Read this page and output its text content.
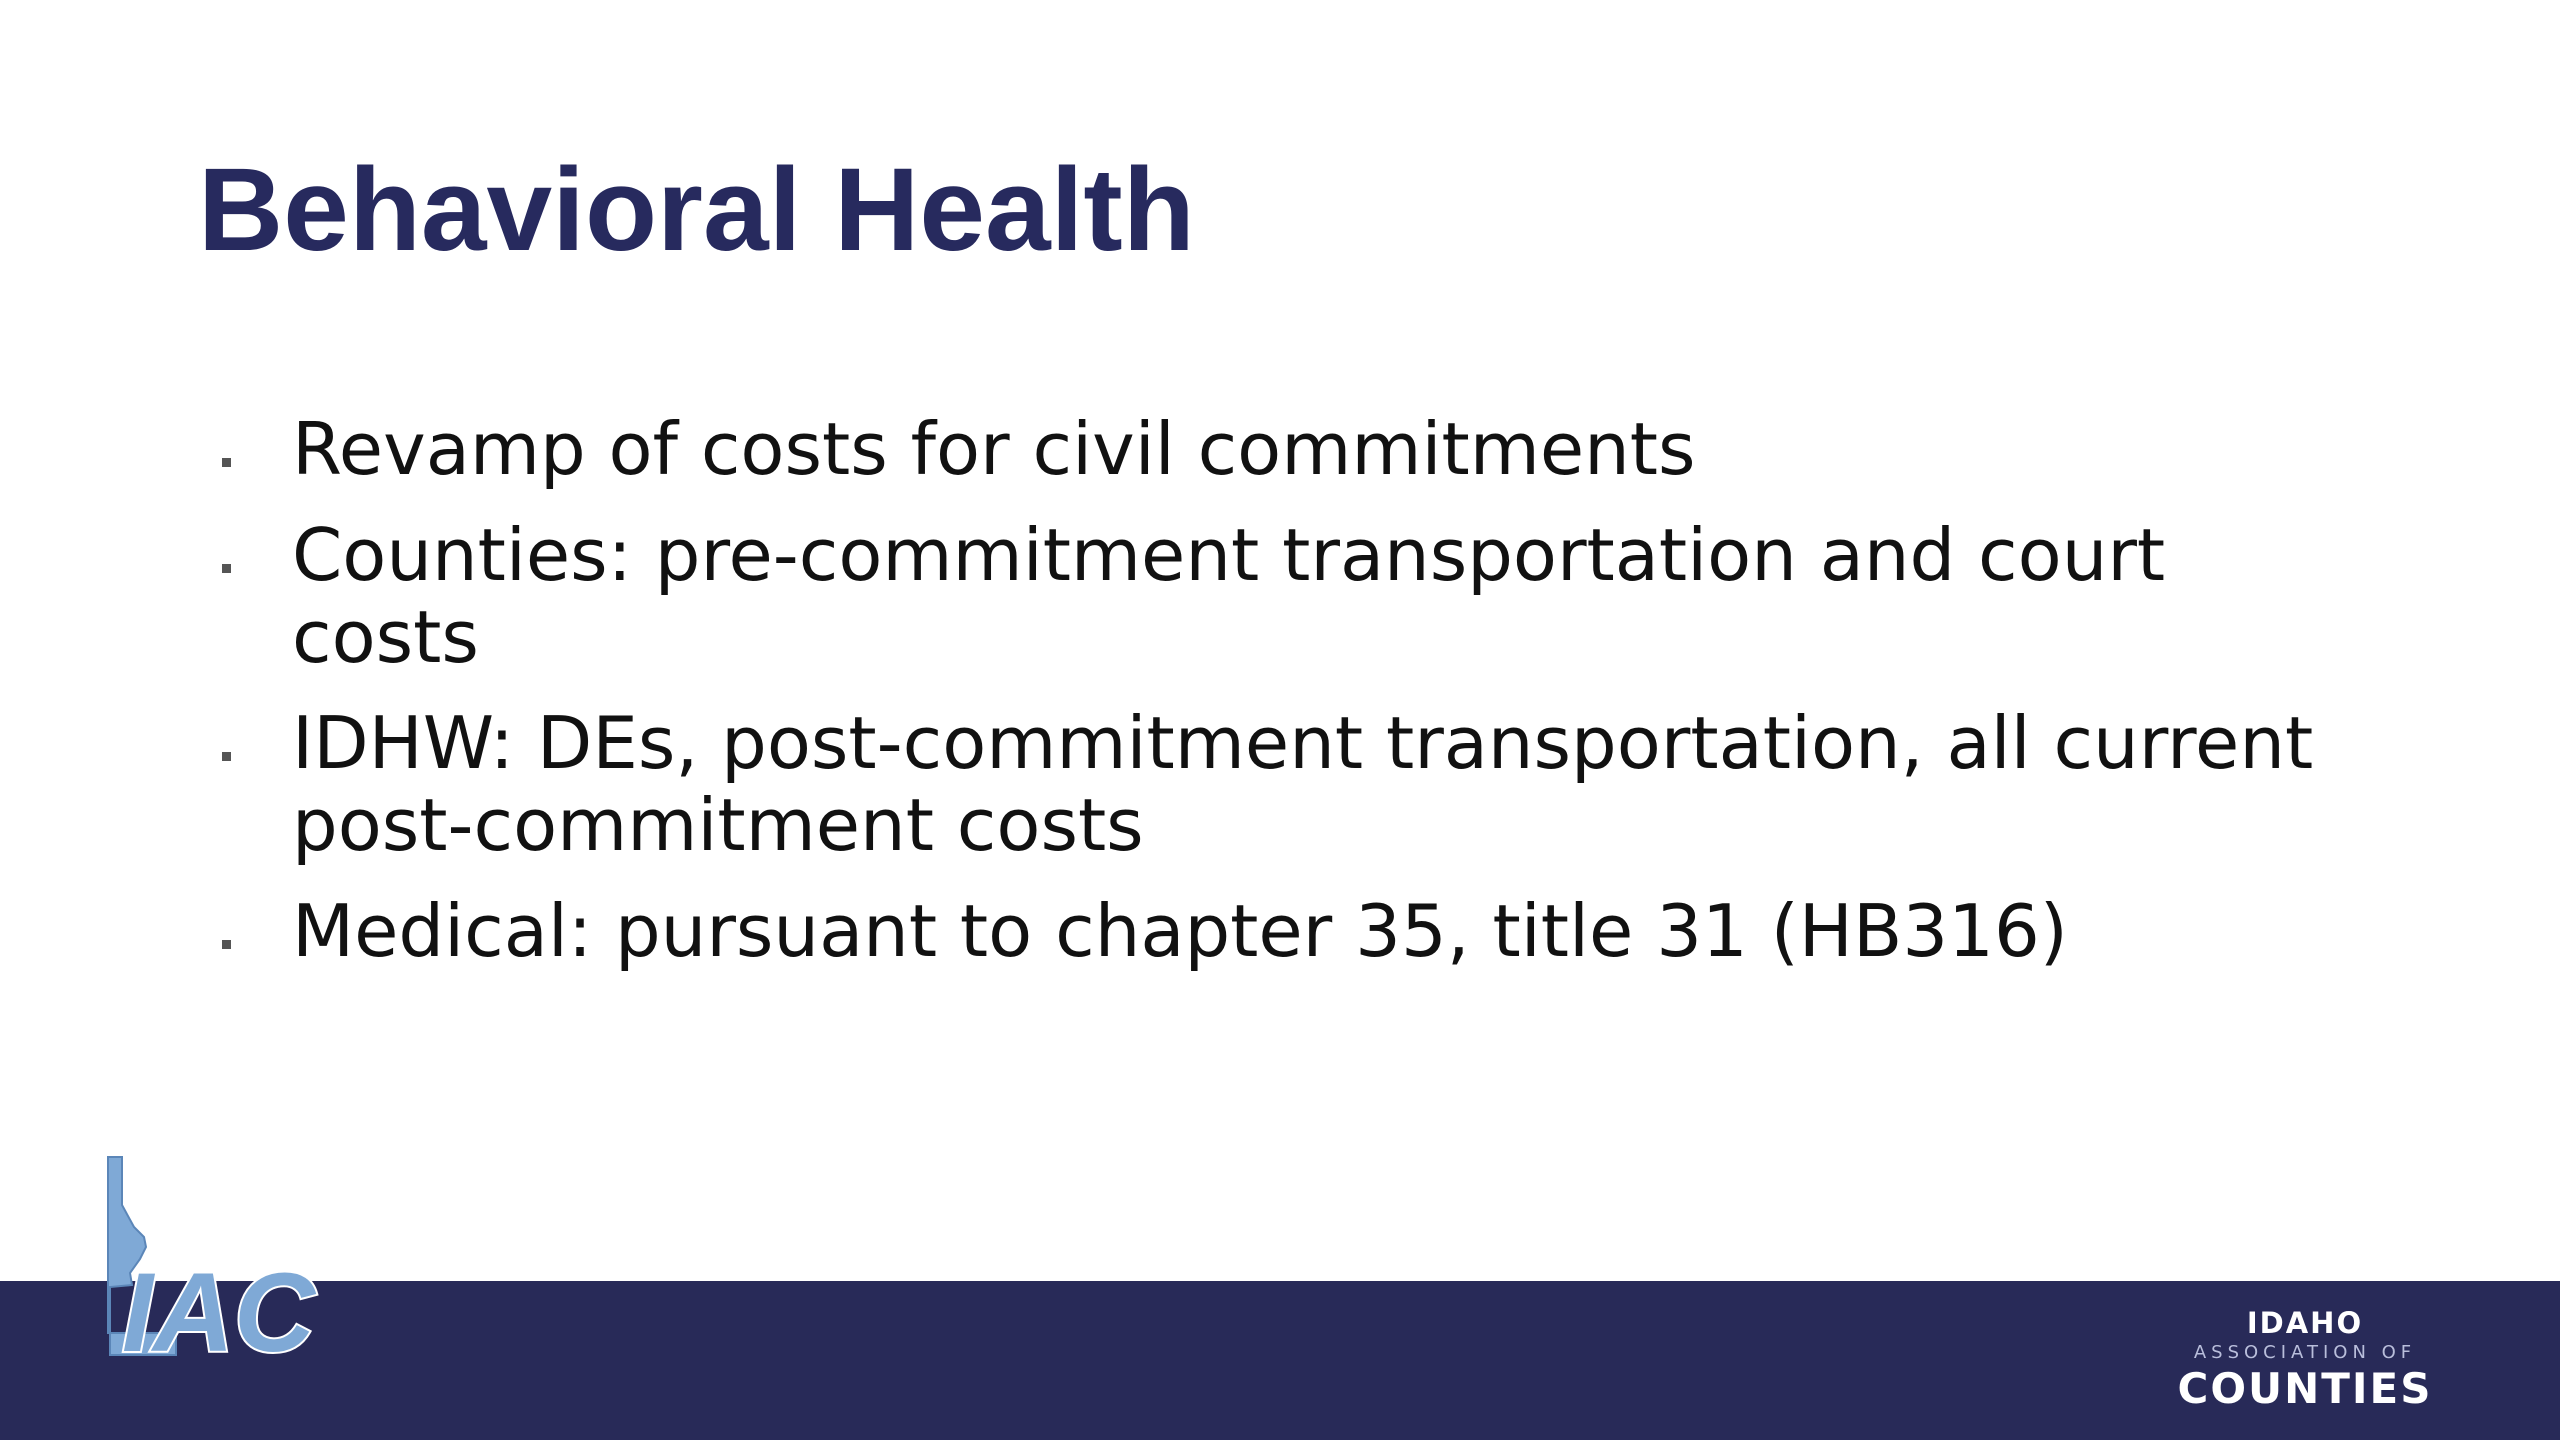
Behavioral Health
Revamp of costs for civil commitments
Counties: pre-commitment transportation and court costs
IDHW: DEs, post-commitment transportation, all current post-commitment costs
Medical: pursuant to chapter 35, title 31 (HB316)
IAC	IDAHO
ASSOCIATION OF
COUNTIES
